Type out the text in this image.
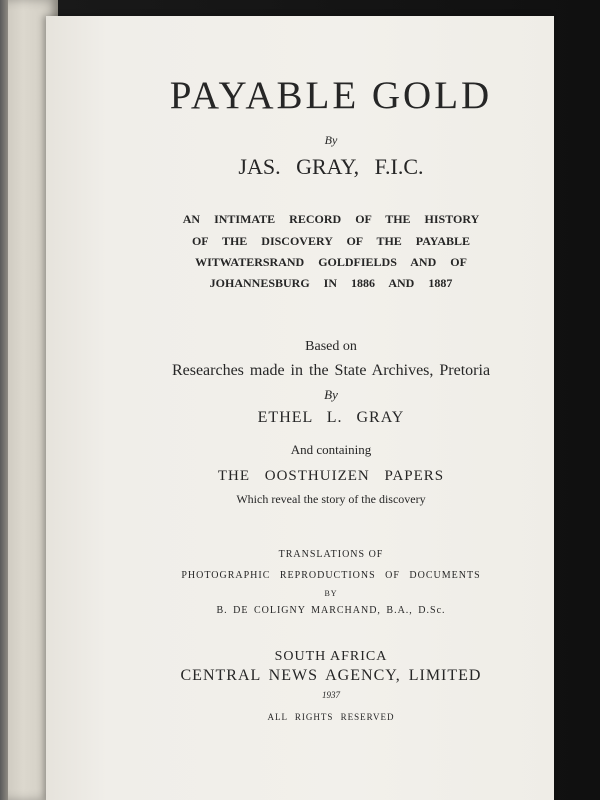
PAYABLE GOLD

By

JAS. GRAY, F.I.C.

AN INTIMATE RECORD OF THE HISTORY

OF THE DISCOVERY OF THE PAYABLE

WITWATERSRAND GOLDFIELDS AND OF

JOHANNESBURG IN 1886 AND 1887

Based on

Researches made in the State Archives, Pretoria

By

ETHEL L. GRAY

And containing

THE OOSTHUIZEN PAPERS

Which reveal the story of the discovery

TRANSLATIONS OF

PHOTOGRAPHIC REPRODUCTIONS OF DOCUMENTS

BY

B. DE COLIGNY MARCHAND, B.A., D.Sc.

SOUTH AFRICA

CENTRAL NEWS AGENCY, LIMITED

1937

ALL RIGHTS RESERVED
